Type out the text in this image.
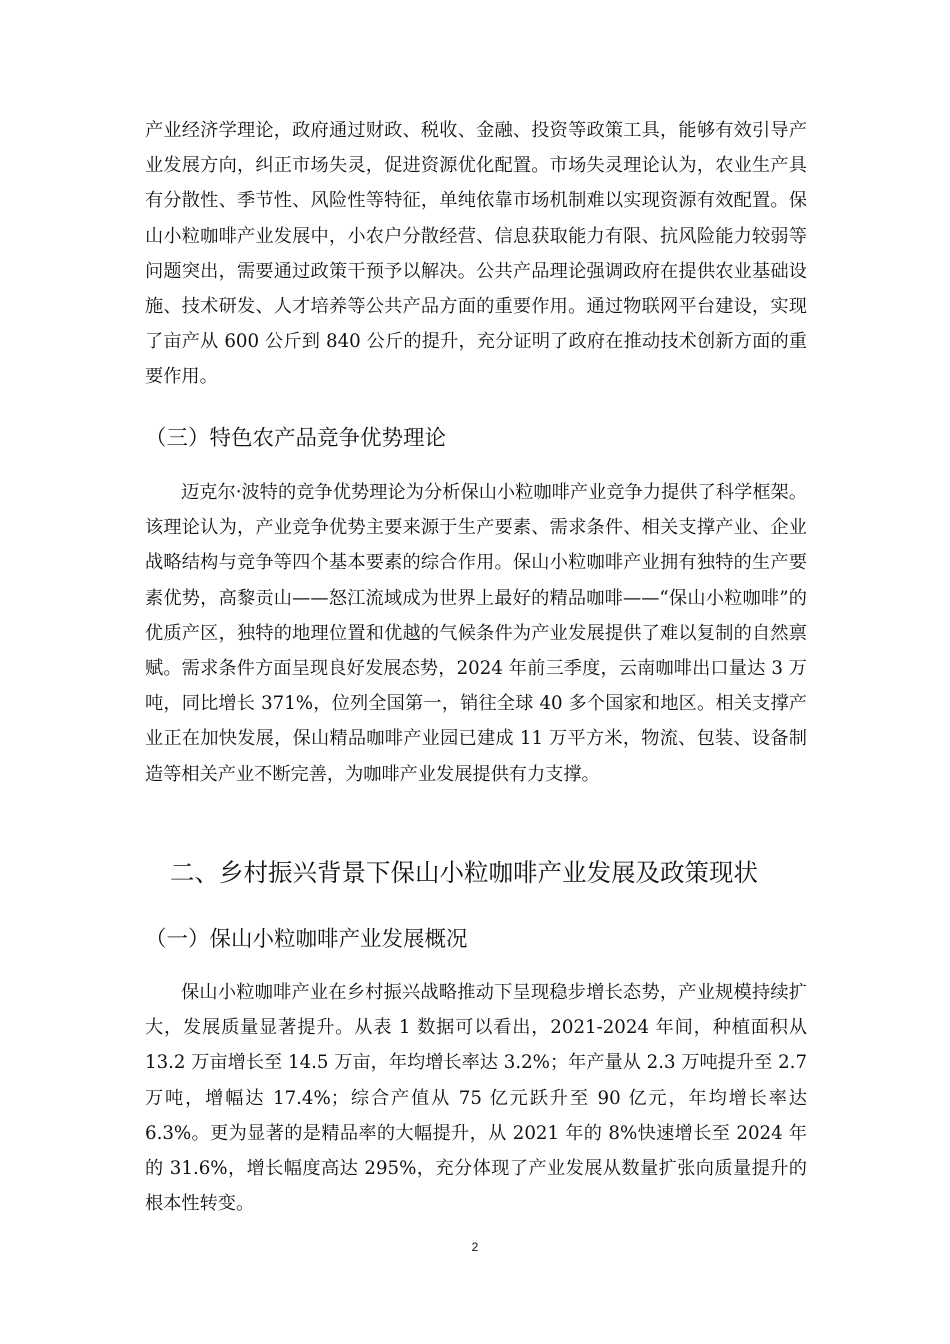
产业经济学理论，政府通过财政、税收、金融、投资等政策工具，能够有效引导产业发展方向，纠正市场失灵，促进资源优化配置。市场失灵理论认为，农业生产具有分散性、季节性、风险性等特征，单纯依靠市场机制难以实现资源有效配置。保山小粒咖啡产业发展中，小农户分散经营、信息获取能力有限、抗风险能力较弱等问题突出，需要通过政策干预予以解决。公共产品理论强调政府在提供农业基础设施、技术研发、人才培养等公共产品方面的重要作用。通过物联网平台建设，实现了亩产从 600 公斤到 840 公斤的提升，充分证明了政府在推动技术创新方面的重要作用。

（三）特色农产品竞争优势理论

迈克尔·波特的竞争优势理论为分析保山小粒咖啡产业竞争力提供了科学框架。该理论认为，产业竞争优势主要来源于生产要素、需求条件、相关支撑产业、企业战略结构与竞争等四个基本要素的综合作用。保山小粒咖啡产业拥有独特的生产要素优势，高黎贡山——怒江流域成为世界上最好的精品咖啡——“保山小粒咖啡”的优质产区，独特的地理位置和优越的气候条件为产业发展提供了难以复制的自然禀赋。需求条件方面呈现良好发展态势，2024 年前三季度，云南咖啡出口量达 3 万吨，同比增长 371%，位列全国第一，销往全球 40 多个国家和地区。相关支撑产业正在加快发展，保山精品咖啡产业园已建成 11 万平方米，物流、包装、设备制造等相关产业不断完善，为咖啡产业发展提供有力支撑。

二、乡村振兴背景下保山小粒咖啡产业发展及政策现状
（一）保山小粒咖啡产业发展概况

保山小粒咖啡产业在乡村振兴战略推动下呈现稳步增长态势，产业规模持续扩大，发展质量显著提升。从表 1 数据可以看出，2021-2024 年间，种植面积从 13.2 万亩增长至 14.5 万亩，年均增长率达 3.2%；年产量从 2.3 万吨提升至 2.7 万吨，增幅达 17.4%；综合产值从 75 亿元跃升至 90 亿元，年均增长率达 6.3%。更为显著的是精品率的大幅提升，从 2021 年的 8%快速增长至 2024 年的 31.6%，增长幅度高达 295%，充分体现了产业发展从数量扩张向质量提升的根本性转变。

2
